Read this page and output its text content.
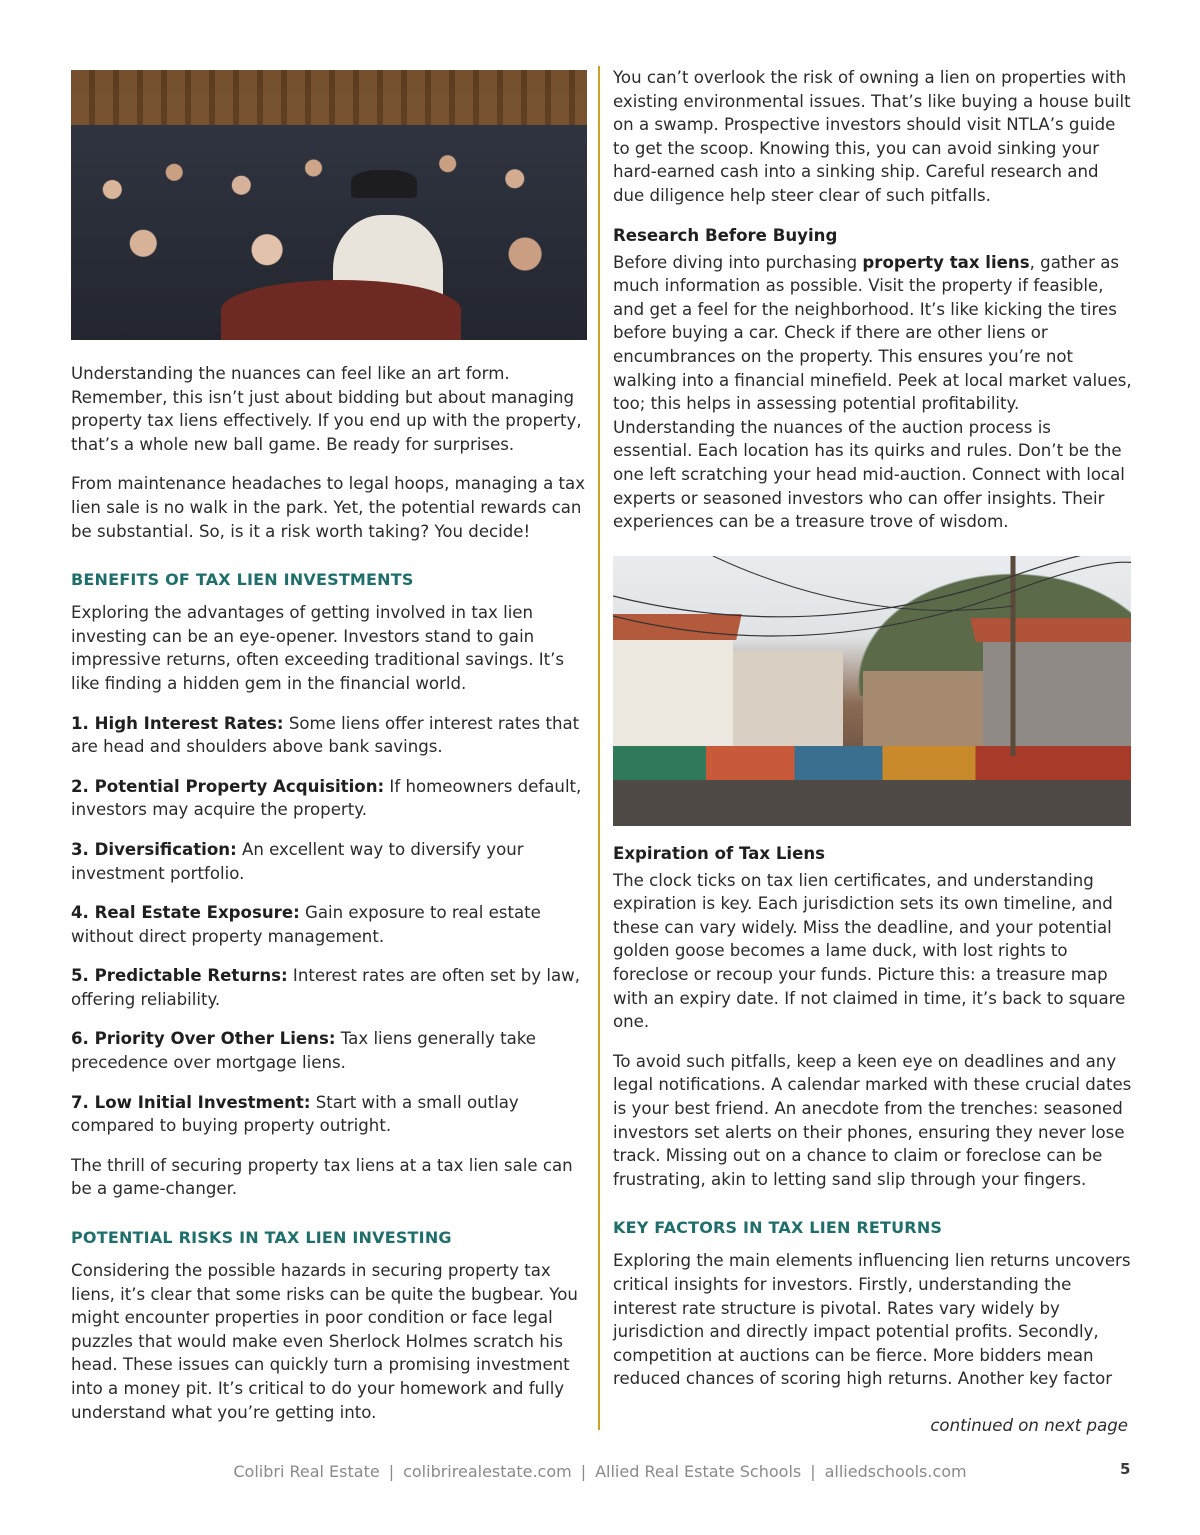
Understanding the nuances can feel like an art form. Remember, this isn’t just about bidding but about managing property tax liens effectively. If you end up with the property, that’s a whole new ball game. Be ready for surprises.

From maintenance headaches to legal hoops, managing a tax lien sale is no walk in the park. Yet, the potential rewards can be substantial. So, is it a risk worth taking? You decide!

BENEFITS OF TAX LIEN INVESTMENTS

Exploring the advantages of getting involved in tax lien investing can be an eye-opener. Investors stand to gain impressive returns, often exceeding traditional savings. It’s like finding a hidden gem in the financial world.

1. High Interest Rates: Some liens offer interest rates that are head and shoulders above bank savings.
2. Potential Property Acquisition: If homeowners default, investors may acquire the property.
3. Diversification: An excellent way to diversify your investment portfolio.
4. Real Estate Exposure: Gain exposure to real estate without direct property management.
5. Predictable Returns: Interest rates are often set by law, offering reliability.
6. Priority Over Other Liens: Tax liens generally take precedence over mortgage liens.
7. Low Initial Investment: Start with a small outlay compared to buying property outright.

The thrill of securing property tax liens at a tax lien sale can be a game-changer.

POTENTIAL RISKS IN TAX LIEN INVESTING

Considering the possible hazards in securing property tax liens, it’s clear that some risks can be quite the bugbear. You might encounter properties in poor condition or face legal puzzles that would make even Sherlock Holmes scratch his head. These issues can quickly turn a promising investment into a money pit. It’s critical to do your homework and fully understand what you’re getting into.

You can’t overlook the risk of owning a lien on properties with existing environmental issues. That’s like buying a house built on a swamp. Prospective investors should visit NTLA’s guide to get the scoop. Knowing this, you can avoid sinking your hard-earned cash into a sinking ship. Careful research and due diligence help steer clear of such pitfalls.

Research Before Buying

Before diving into purchasing property tax liens, gather as much information as possible. Visit the property if feasible, and get a feel for the neighborhood. It’s like kicking the tires before buying a car. Check if there are other liens or encumbrances on the property. This ensures you’re not walking into a financial minefield. Peek at local market values, too; this helps in assessing potential profitability. Understanding the nuances of the auction process is essential. Each location has its quirks and rules. Don’t be the one left scratching your head mid-auction. Connect with local experts or seasoned investors who can offer insights. Their experiences can be a treasure trove of wisdom.

Expiration of Tax Liens

The clock ticks on tax lien certificates, and understanding expiration is key. Each jurisdiction sets its own timeline, and these can vary widely. Miss the deadline, and your potential golden goose becomes a lame duck, with lost rights to foreclose or recoup your funds. Picture this: a treasure map with an expiry date. If not claimed in time, it’s back to square one.

To avoid such pitfalls, keep a keen eye on deadlines and any legal notifications. A calendar marked with these crucial dates is your best friend. An anecdote from the trenches: seasoned investors set alerts on their phones, ensuring they never lose track. Missing out on a chance to claim or foreclose can be frustrating, akin to letting sand slip through your fingers.

KEY FACTORS IN TAX LIEN RETURNS

Exploring the main elements influencing lien returns uncovers critical insights for investors. Firstly, understanding the interest rate structure is pivotal. Rates vary widely by jurisdiction and directly impact potential profits. Secondly, competition at auctions can be fierce. More bidders mean reduced chances of scoring high returns. Another key factor

continued on next page
Colibri Real Estate | colibrirealestate.com | Allied Real Estate Schools | alliedschools.com	5
